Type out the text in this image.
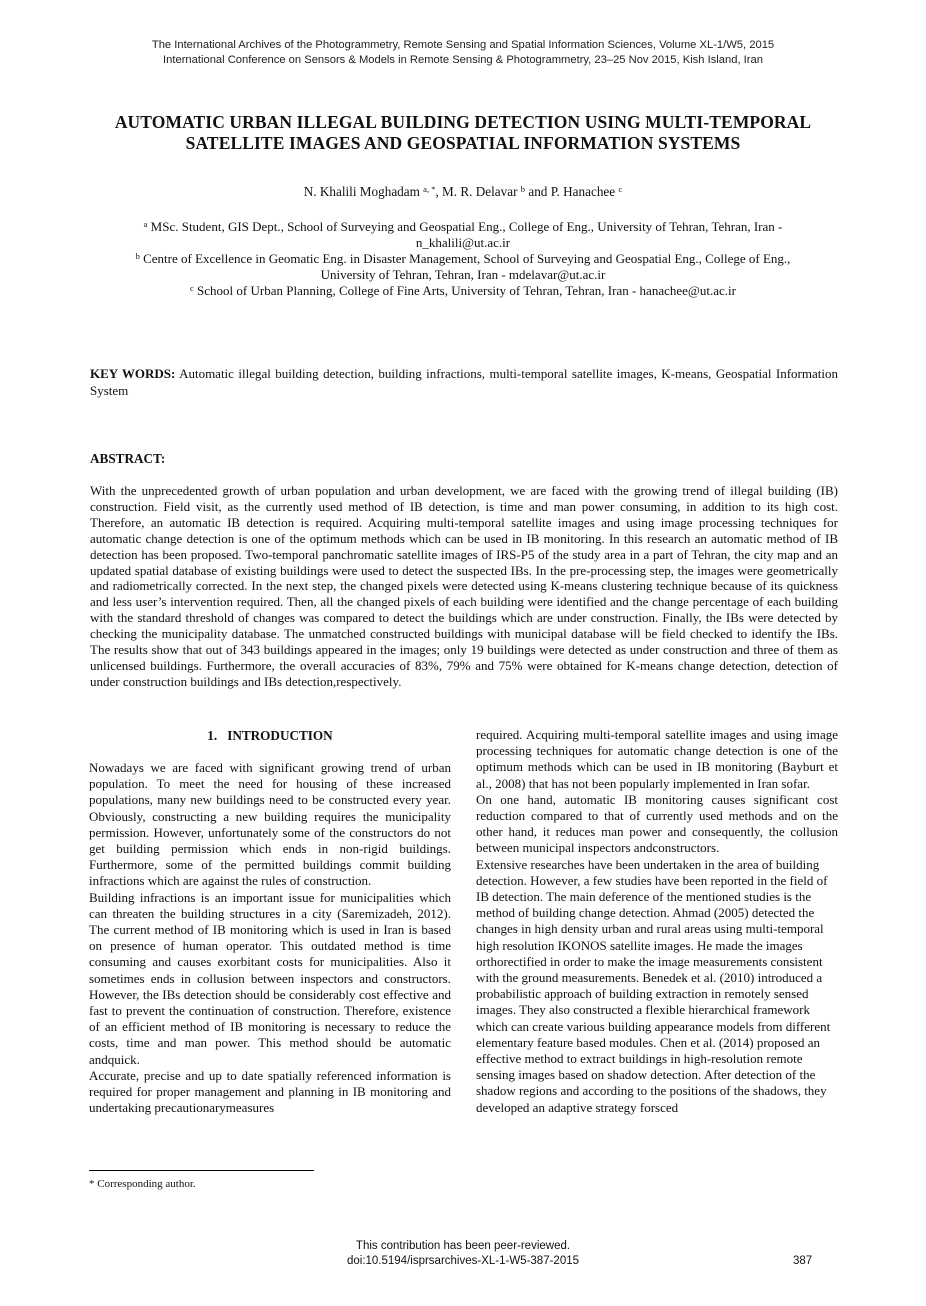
The International Archives of the Photogrammetry, Remote Sensing and Spatial Information Sciences, Volume XL-1/W5, 2015
International Conference on Sensors & Models in Remote Sensing & Photogrammetry, 23–25 Nov 2015, Kish Island, Iran
AUTOMATIC URBAN ILLEGAL BUILDING DETECTION USING MULTI-TEMPORAL
SATELLITE IMAGES AND GEOSPATIAL INFORMATION SYSTEMS
N. Khalili Moghadam $^{a, *}$, M. R. Delavar $^b$ and P. Hanachee $^c$

$^a$ MSc. Student, GIS Dept., School of Surveying and Geospatial Eng., College of Eng., University of Tehran, Tehran, Iran -
n_khalili@ut.ac.ir

$^b$ Centre of Excellence in Geomatic Eng. in Disaster Management, School of Surveying and Geospatial Eng., College of Eng.,
University of Tehran, Tehran, Iran - mdelavar@ut.ac.ir

$^c$ School of Urban Planning, College of Fine Arts, University of Tehran, Tehran, Iran - hanachee@ut.ac.ir

KEY WORDS: Automatic illegal building detection, building infractions, multi-temporal satellite images, K-means, Geospatial Information System
ABSTRACT:

With the unprecedented growth of urban population and urban development, we are faced with the growing trend of illegal building (IB) construction. Field visit, as the currently used method of IB detection, is time and man power consuming, in addition to its high cost. Therefore, an automatic IB detection is required. Acquiring multi-temporal satellite images and using image processing techniques for automatic change detection is one of the optimum methods which can be used in IB monitoring. In this research an automatic method of IB detection has been proposed. Two-temporal panchromatic satellite images of IRS-P5 of the study area in a part of Tehran, the city map and an updated spatial database of existing buildings were used to detect the suspected IBs. In the pre-processing step, the images were geometrically and radiometrically corrected. In the next step, the changed pixels were detected using K-means clustering technique because of its quickness and less user’s intervention required. Then, all the changed pixels of each building were identified and the change percentage of each building with the standard threshold of changes was compared to detect the buildings which are under construction. Finally, the IBs were detected by checking the municipality database. The unmatched constructed buildings with municipal database will be field checked to identify the IBs. The results show that out of 343 buildings appeared in the images; only 19 buildings were detected as under construction and three of them as unlicensed buildings. Furthermore, the overall accuracies of 83%, 79% and 75% were obtained for K-means change detection, detection of under construction buildings and IBs detection,respectively.

1. INTRODUCTION

Nowadays we are faced with significant growing trend of urban population. To meet the need for housing of these increased populations, many new buildings need to be constructed every year. Obviously, constructing a new building requires the municipality permission. However, unfortunately some of the constructors do not get building permission which ends in non-rigid buildings. Furthermore, some of the permitted buildings commit building infractions which are against the rules of construction.

Building infractions is an important issue for municipalities which can threaten the building structures in a city (Saremizadeh, 2012). The current method of IB monitoring which is used in Iran is based on presence of human operator. This outdated method is time consuming and causes exorbitant costs for municipalities. Also it sometimes ends in collusion between inspectors and constructors. However, the IBs detection should be considerably cost effective and fast to prevent the continuation of construction. Therefore, existence of an efficient method of IB monitoring is necessary to reduce the costs, time and man power. This method should be automatic andquick.

Accurate, precise and up to date spatially referenced information is required for proper management and planning in IB monitoring and undertaking precautionarymeasures

required. Acquiring multi-temporal satellite images and using image processing techniques for automatic change detection is one of the optimum methods which can be used in IB monitoring (Bayburt et al., 2008) that has not been popularly implemented in Iran sofar.

On one hand, automatic IB monitoring causes significant cost reduction compared to that of currently used methods and on the other hand, it reduces man power and consequently, the collusion between municipal inspectors andconstructors.

Extensive researches have been undertaken in the area of building detection. However, a few studies have been reported in the field of IB detection. The main deference of the mentioned studies is the method of building change detection. Ahmad (2005) detected the changes in high density urban and rural areas using multi-temporal high resolution IKONOS satellite images. He made the images orthorectified in order to make the image measurements consistent with the ground measurements. Benedek et al. (2010) introduced a probabilistic approach of building extraction in remotely sensed images. They also constructed a flexible hierarchical framework which can create various building appearance models from different elementary feature based modules. Chen et al. (2014) proposed an effective method to extract buildings in high-resolution remote sensing images based on shadow detection. After detection of the shadow regions and according to the positions of the shadows, they developed an adaptive strategy forsced

* Corresponding author.
This contribution has been peer-reviewed.
doi:10.5194/isprsarchives-XL-1-W5-387-2015	387
